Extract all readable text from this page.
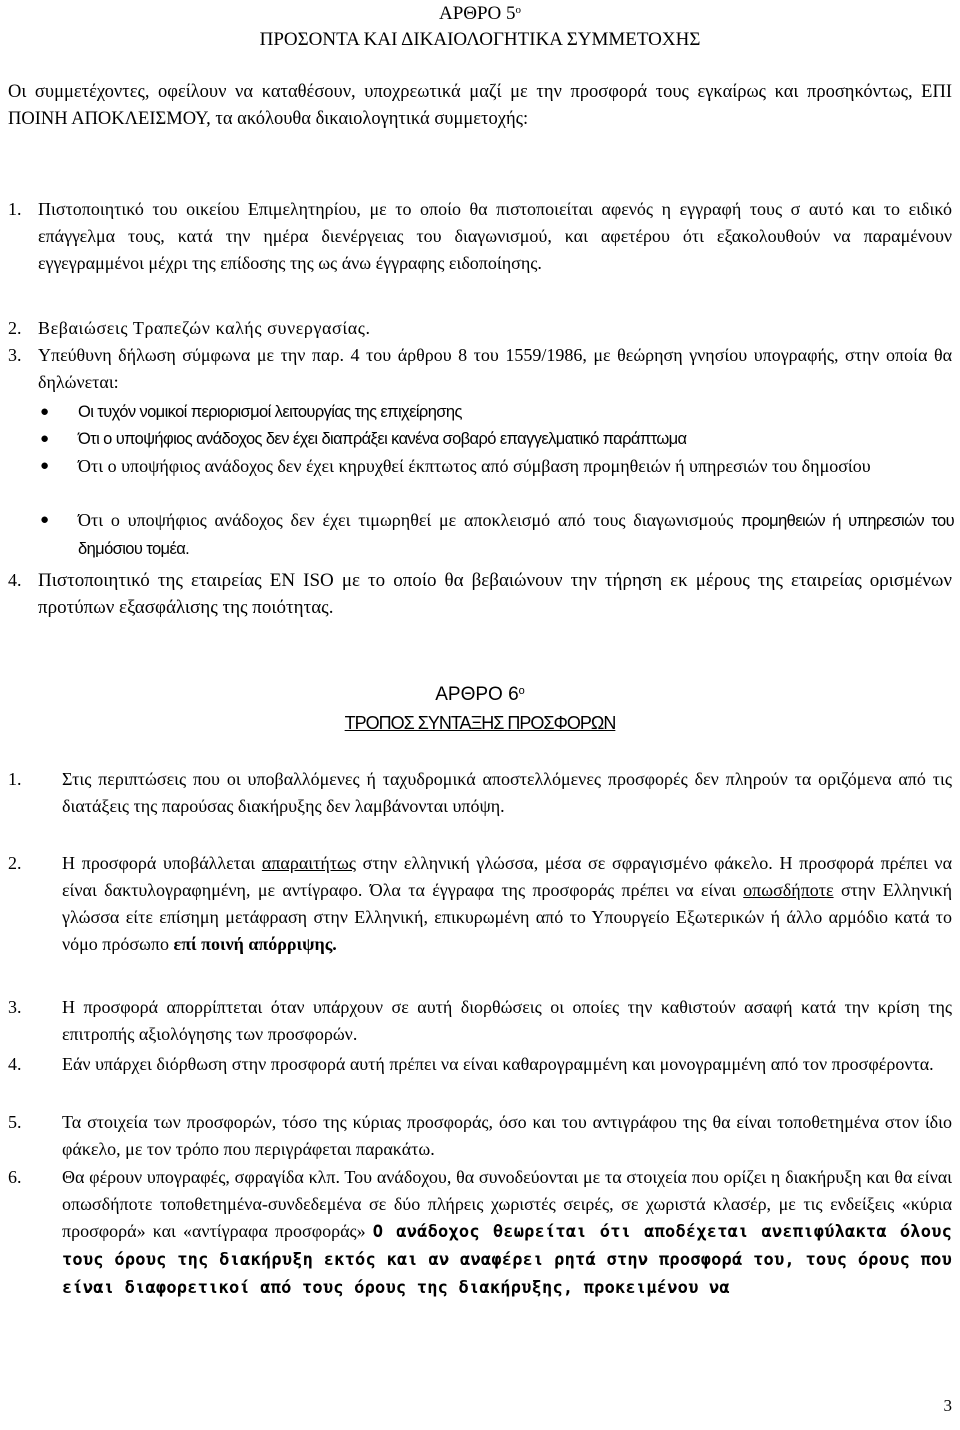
ΑΡΘΡΟ $5^o$
ΠΡΟΣΟΝΤΑ ΚΑΙ ΔΙΚΑΙΟΛΟΓΗΤΙΚΑ ΣΥΜΜΕΤΟΧΗΣ
Οι συμμετέχοντες, οφείλουν να καταθέσουν, υποχρεωτικά μαζί με την προσφορά τους εγκαίρως και προσηκόντως, ΕΠΙ ΠΟΙΝΗ ΑΠΟΚΛΕΙΣΜΟΥ, τα ακόλουθα δικαιολογητικά συμμετοχής:
1. Πιστοποιητικό του οικείου Επιμελητηρίου, με το οποίο θα πιστοποιείται αφενός η εγγραφή τους σ αυτό και το ειδικό επάγγελμα τους, κατά την ημέρα διενέργειας του διαγωνισμού, και αφετέρου ότι εξακολουθούν να παραμένουν εγγεγραμμένοι μέχρι της επίδοσης της ως άνω έγγραφης ειδοποίησης.
2. Βεβαιώσεις Τραπεζών καλής συνεργασίας.
3. Υπεύθυνη δήλωση σύμφωνα με την παρ. 4 του άρθρου 8 του 1559/1986, με θεώρηση γνησίου υπογραφής, στην οποία θα δηλώνεται:
● Οι τυχόν νομικοί περιορισμοί λειτουργίας της επιχείρησης
● Ότι ο υποψήφιος ανάδοχος δεν έχει διαπράξει κανένα σοβαρό επαγγελματικό παράπτωμα
● Ότι ο υποψήφιος ανάδοχος δεν έχει κηρυχθεί έκπτωτος από σύμβαση προμηθειών ή υπηρεσιών του δημοσίου
● Ότι ο υποψήφιος ανάδοχος δεν έχει τιμωρηθεί με αποκλεισμό από τους διαγωνισμούς προμηθειών ή υπηρεσιών του δημόσιου τομέα.
4. Πιστοποιητικό της εταιρείας EN ISO με το οποίο θα βεβαιώνουν την τήρηση εκ μέρους της εταιρείας ορισμένων προτύπων εξασφάλισης της ποιότητας.
ΑΡΘΡΟ $6^o$
ΤΡΟΠΟΣ ΣΥΝΤΑΞΗΣ ΠΡΟΣΦΟΡΩΝ
1. Στις περιπτώσεις που οι υποβαλλόμενες ή ταχυδρομικά αποστελλόμενες προσφορές δεν πληρούν τα οριζόμενα από τις διατάξεις της παρούσας διακήρυξης δεν λαμβάνονται υπόψη.
2. Η προσφορά υποβάλλεται απαραιτήτως στην ελληνική γλώσσα, μέσα σε σφραγισμένο φάκελο. Η προσφορά πρέπει να είναι δακτυλογραφημένη, με αντίγραφο. Όλα τα έγγραφα της προσφοράς πρέπει να είναι οπωσδήποτε στην Ελληνική γλώσσα είτε επίσημη μετάφραση στην Ελληνική, επικυρωμένη από το Υπουργείο Εξωτερικών ή άλλο αρμόδιο κατά το νόμο πρόσωπο επί ποινή απόρριψης.
3. Η προσφορά απορρίπτεται όταν υπάρχουν σε αυτή διορθώσεις οι οποίες την καθιστούν ασαφή κατά την κρίση της επιτροπής αξιολόγησης των προσφορών.
4. Εάν υπάρχει διόρθωση στην προσφορά αυτή πρέπει να είναι καθαρογραμμένη και μονογραμμένη από τον προσφέροντα.
5. Τα στοιχεία των προσφορών, τόσο της κύριας προσφοράς, όσο και του αντιγράφου της θα είναι τοποθετημένα στον ίδιο φάκελο, με τον τρόπο που περιγράφεται παρακάτω.
6. Θα φέρουν υπογραφές, σφραγίδα κλπ. Του ανάδοχου, θα συνοδεύονται με τα στοιχεία που ορίζει η διακήρυξη και θα είναι οπωσδήποτε τοποθετημένα-συνδεδεμένα σε δύο πλήρεις χωριστές σειρές, σε χωριστά κλασέρ, με τις ενδείξεις «κύρια προσφορά» και «αντίγραφα προσφοράς» Ο ανάδοχος θεωρείται ότι αποδέχεται ανεπιφύλακτα όλους τους όρους της διακήρυξη εκτός και αν αναφέρει ρητά στην προσφορά του, τους όρους που είναι διαφορετικοί από τους όρους της διακήρυξης, προκειμένου να
3
